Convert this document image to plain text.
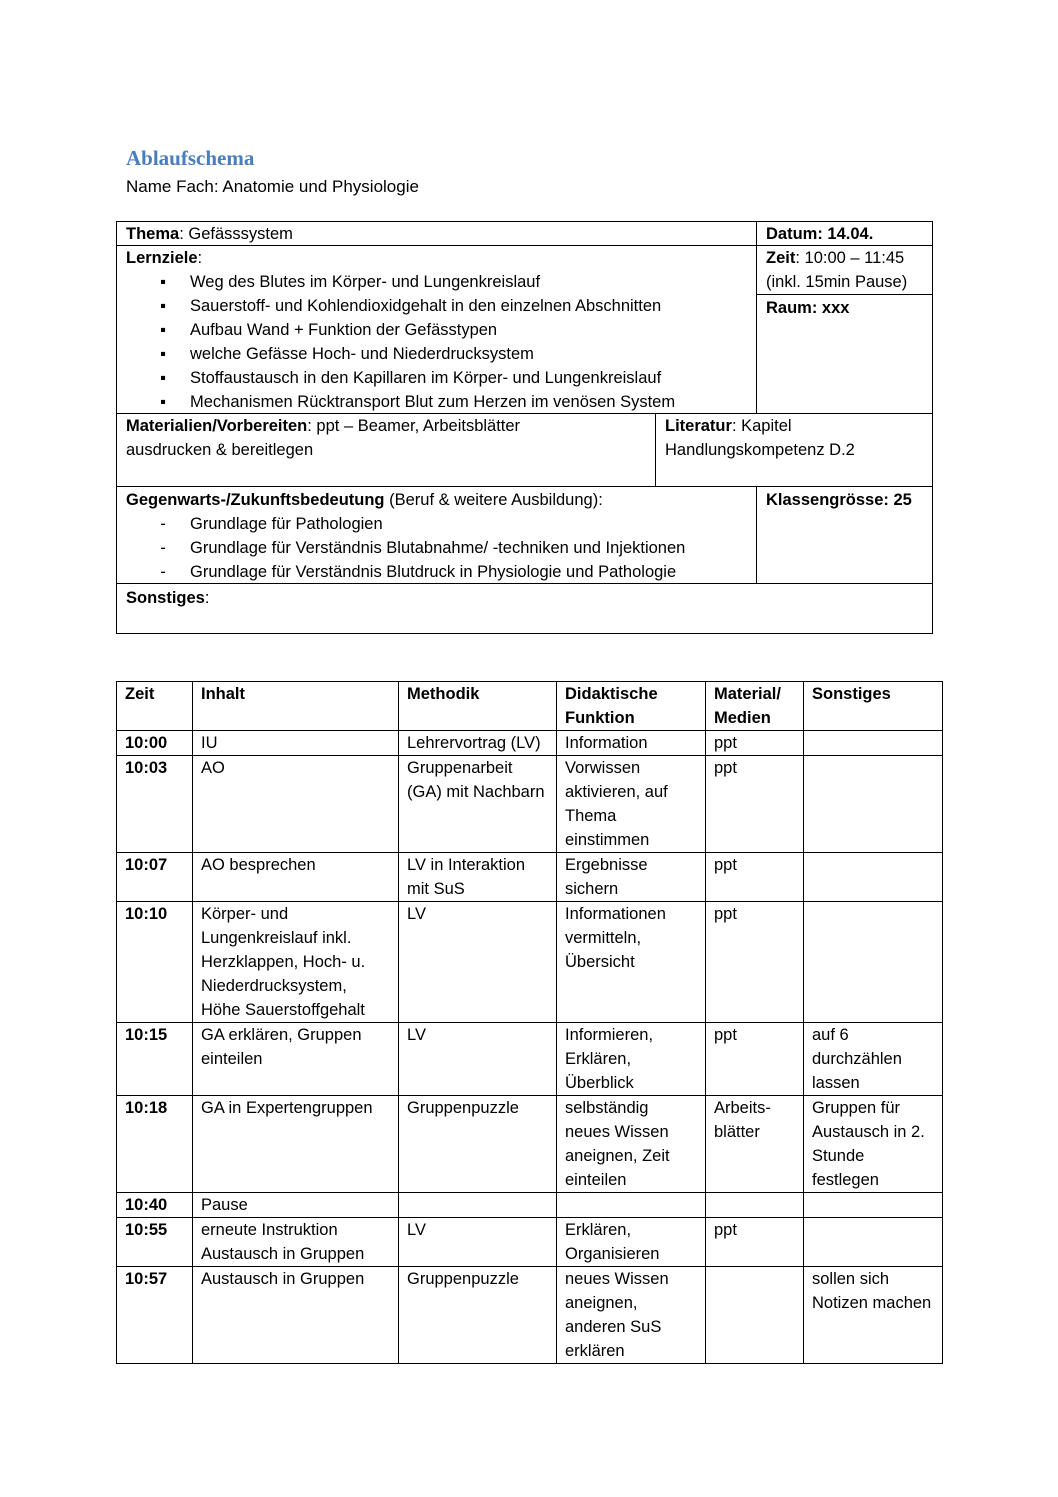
Ablaufschema
Name Fach: Anatomie und Physiologie
Thema: Gefässsystem	Datum: 14.04.
Lernziele:
▪ Weg des Blutes im Körper- und Lungenkreislauf
▪ Sauerstoff- und Kohlendioxidgehalt in den einzelnen Abschnitten
▪ Aufbau Wand + Funktion der Gefässtypen
▪ welche Gefässe Hoch- und Niederdrucksystem
▪ Stoffaustausch in den Kapillaren im Körper- und Lungenkreislauf
▪ Mechanismen Rücktransport Blut zum Herzen im venösen System
Zeit: 10:00 – 11:45
(inkl. 15min Pause)
Raum: xxx
Materialien/Vorbereiten: ppt – Beamer, Arbeitsblätter
ausdrucken & bereitlegen
Literatur: Kapitel
Handlungskompetenz D.2
Gegenwarts-/Zukunftsbedeutung (Beruf & weitere Ausbildung):
- Grundlage für Pathologien
- Grundlage für Verständnis Blutabnahme/ -techniken und Injektionen
- Grundlage für Verständnis Blutdruck in Physiologie und Pathologie
Klassengrösse: 25
Sonstiges:
Zeit	Inhalt	Methodik	Didaktische Funktion	Material/ Medien	Sonstiges
10:00	IU	Lehrervortrag (LV)	Information	ppt	
10:03	AO	Gruppenarbeit (GA) mit Nachbarn	Vorwissen aktivieren, auf Thema einstimmen	ppt	
10:07	AO besprechen	LV in Interaktion mit SuS	Ergebnisse sichern	ppt	
10:10	Körper- und Lungenkreislauf inkl. Herzklappen, Hoch- u. Niederdrucksystem, Höhe Sauerstoffgehalt	LV	Informationen vermitteln, Übersicht	ppt	
10:15	GA erklären, Gruppen einteilen	LV	Informieren, Erklären, Überblick	ppt	auf 6 durchzählen lassen
10:18	GA in Expertengruppen	Gruppenpuzzle	selbständig neues Wissen aneignen, Zeit einteilen	Arbeits-blätter	Gruppen für Austausch in 2. Stunde festlegen
10:40	Pause				
10:55	erneute Instruktion Austausch in Gruppen	LV	Erklären, Organisieren	ppt	
10:57	Austausch in Gruppen	Gruppenpuzzle	neues Wissen aneignen, anderen SuS erklären		sollen sich Notizen machen
